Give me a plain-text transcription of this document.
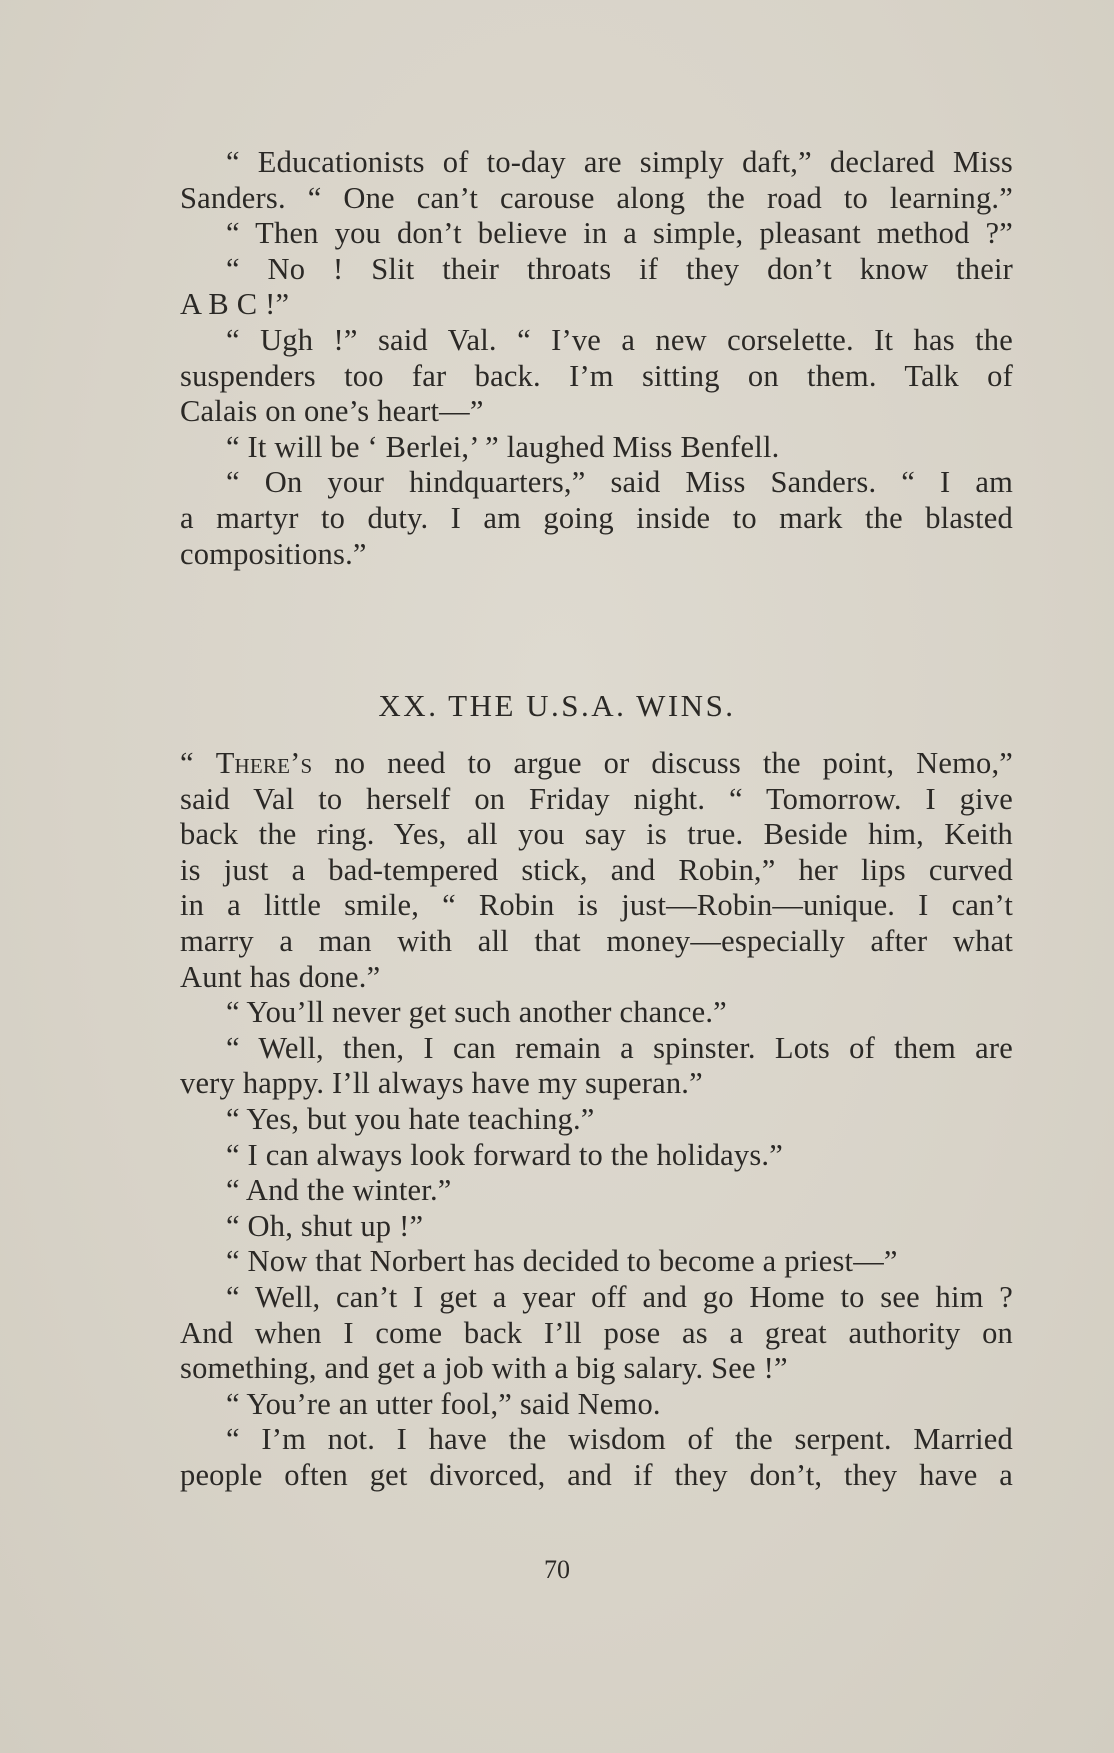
“ Educationists of to-day are simply daft,” declared Miss
Sanders. “ One can’t carouse along the road to learning.”
“ Then you don’t believe in a simple, pleasant method ?”
“ No ! Slit their throats if they don’t know their
A B C !”
“ Ugh !” said Val. “ I’ve a new corselette. It has the
suspenders too far back. I’m sitting on them. Talk of
Calais on one’s heart—”
“ It will be ‘ Berlei,’ ” laughed Miss Benfell.
“ On your hindquarters,” said Miss Sanders. “ I am
a martyr to duty. I am going inside to mark the blasted
compositions.”
XX. THE U.S.A. WINS.
“ There’s no need to argue or discuss the point, Nemo,”
said Val to herself on Friday night. “ Tomorrow. I give
back the ring. Yes, all you say is true. Beside him, Keith
is just a bad-tempered stick, and Robin,” her lips curved
in a little smile, “ Robin is just—Robin—unique. I can’t
marry a man with all that money—especially after what
Aunt has done.”
“ You’ll never get such another chance.”
“ Well, then, I can remain a spinster. Lots of them are
very happy. I’ll always have my superan.”
“ Yes, but you hate teaching.”
“ I can always look forward to the holidays.”
“ And the winter.”
“ Oh, shut up !”
“ Now that Norbert has decided to become a priest—”
“ Well, can’t I get a year off and go Home to see him ?
And when I come back I’ll pose as a great authority on
something, and get a job with a big salary. See !”
“ You’re an utter fool,” said Nemo.
“ I’m not. I have the wisdom of the serpent. Married
people often get divorced, and if they don’t, they have a
70
